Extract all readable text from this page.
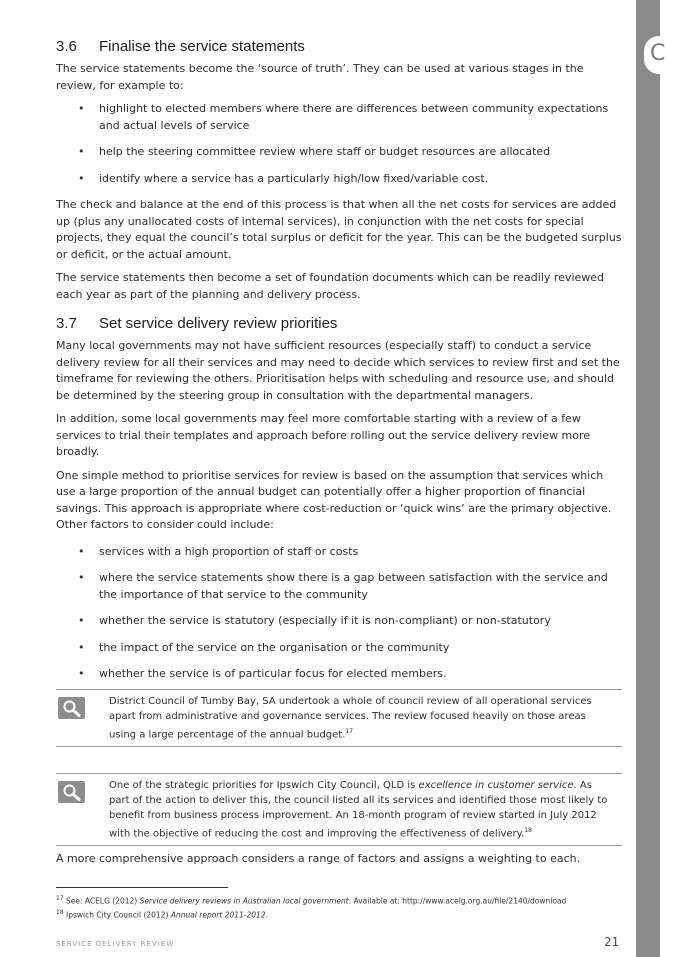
C
3.6 Finalise the service statements

The service statements become the ‘source of truth’. They can be used at various stages in the review, for example to:

• highlight to elected members where there are differences between community expectations and actual levels of service
• help the steering committee review where staff or budget resources are allocated
• identify where a service has a particularly high/low fixed/variable cost.

The check and balance at the end of this process is that when all the net costs for services are added up (plus any unallocated costs of internal services), in conjunction with the net costs for special projects, they equal the council’s total surplus or deficit for the year. This can be the budgeted surplus or deficit, or the actual amount.

The service statements then become a set of foundation documents which can be readily reviewed each year as part of the planning and delivery process.

3.7 Set service delivery review priorities

Many local governments may not have sufficient resources (especially staff) to conduct a service delivery review for all their services and may need to decide which services to review first and set the timeframe for reviewing the others. Prioritisation helps with scheduling and resource use, and should be determined by the steering group in consultation with the departmental managers.

In addition, some local governments may feel more comfortable starting with a review of a few services to trial their templates and approach before rolling out the service delivery review more broadly.

One simple method to prioritise services for review is based on the assumption that services which use a large proportion of the annual budget can potentially offer a higher proportion of financial savings. This approach is appropriate where cost-reduction or ‘quick wins’ are the primary objective. Other factors to consider could include:

• services with a high proportion of staff or costs
• where the service statements show there is a gap between satisfaction with the service and the importance of that service to the community
• whether the service is statutory (especially if it is non-compliant) or non-statutory
• the impact of the service on the organisation or the community
• whether the service is of particular focus for elected members.

District Council of Tumby Bay, SA undertook a whole of council review of all operational services apart from administrative and governance services. The review focused heavily on those areas using a large percentage of the annual budget.$^{17}$

One of the strategic priorities for Ipswich City Council, QLD is excellence in customer service. As part of the action to deliver this, the council listed all its services and identified those most likely to benefit from business process improvement. An 18-month program of review started in July 2012 with the objective of reducing the cost and improving the effectiveness of delivery.$^{18}$

A more comprehensive approach considers a range of factors and assigns a weighting to each.

$^{17}$ See: ACELG (2012) Service delivery reviews in Australian local government. Available at: http://www.acelg.org.au/file/2140/download

$^{18}$ Ipswich City Council (2012) Annual report 2011-2012.

SERVICE DELIVERY REVIEW	21
